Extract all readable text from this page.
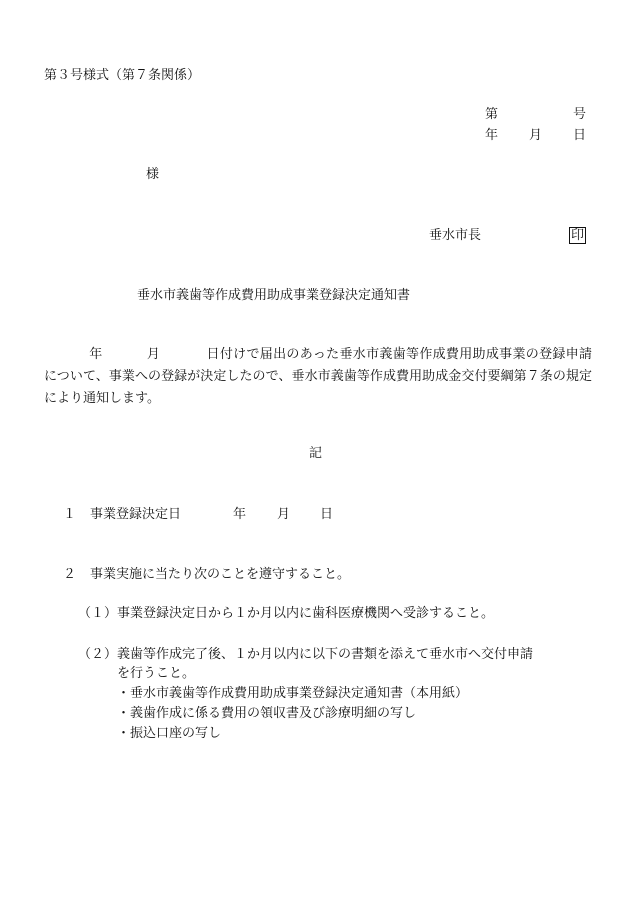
第３号様式（第７条関係）
第	号
年 月 日
様
垂水市長	印
垂水市義歯等作成費用助成事業登録決定通知書
年	月	日付けで届出のあった垂水市義歯等作成費用助成事業の登録申請について、事業への登録が決定したので、垂水市義歯等作成費用助成金交付要綱第７条の規定により通知します。
記
１ 事業登録決定日	年 月 日
２ 事業実施に当たり次のことを遵守すること。
（１） 事業登録決定日から１か月以内に歯科医療機関へ受診すること。
（２） 義歯等作成完了後、１か月以内に以下の書類を添えて垂水市へ交付申請
を行うこと。
・垂水市義歯等作成費用助成事業登録決定通知書（本用紙）
・義歯作成に係る費用の領収書及び診療明細の写し
・振込口座の写し
